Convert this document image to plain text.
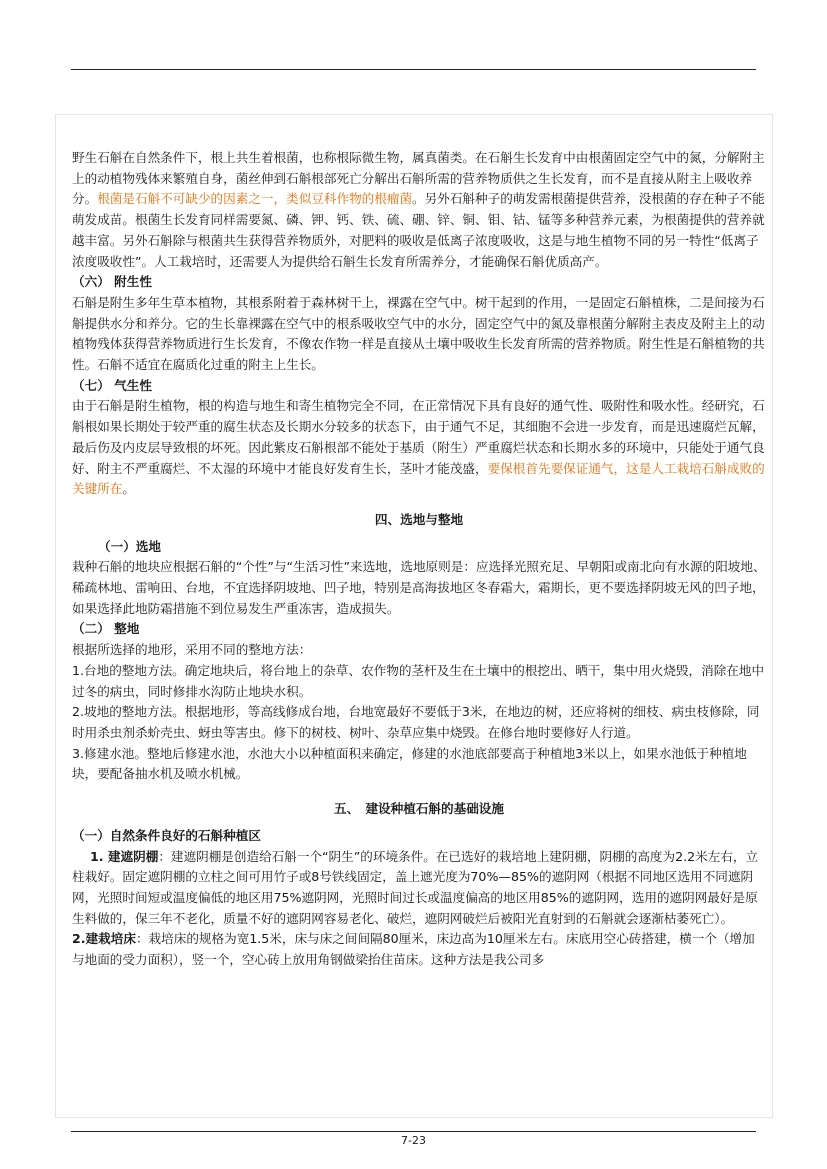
野生石斛在自然条件下，根上共生着根菌，也称根际微生物，属真菌类。在石斛生长发育中由根菌固定空气中的氮，分解附主上的动植物残体来繁殖自身，菌丝伸到石斛根部死亡分解出石斛所需的营养物质供之生长发育，而不是直接从附主上吸收养分。根菌是石斛不可缺少的因素之一，类似豆科作物的根瘤菌。另外石斛种子的萌发需根菌提供营养，没根菌的存在种子不能萌发成苗。根菌生长发育同样需要氮、磷、钾、钙、铁、硫、硼、锌、铜、钼、钴、锰等多种营养元素，为根菌提供的营养就越丰富。另外石斛除与根菌共生获得营养物质外，对肥料的吸收是低离子浓度吸收，这是与地生植物不同的另一特性“低离子浓度吸收性”。人工栽培时，还需要人为提供给石斛生长发育所需养分，才能确保石斛优质高产。

（六） 附生性

石斛是附生多年生草本植物，其根系附着于森林树干上，裸露在空气中。树干起到的作用，一是固定石斛植株，二是间接为石斛提供水分和养分。它的生长靠裸露在空气中的根系吸收空气中的水分，固定空气中的氮及靠根菌分解附主表皮及附主上的动植物残体获得营养物质进行生长发育，不像农作物一样是直接从土壤中吸收生长发育所需的营养物质。附生性是石斛植物的共性。石斛不适宜在腐质化过重的附主上生长。

（七） 气生性

由于石斛是附生植物，根的构造与地生和寄生植物完全不同，在正常情况下具有良好的通气性、吸附性和吸水性。经研究，石斛根如果长期处于较严重的腐生状态及长期水分较多的状态下，由于通气不足，其细胞不会进一步发育，而是迅速腐烂瓦解，最后伤及内皮层导致根的坏死。因此紫皮石斛根部不能处于基质（附生）严重腐烂状态和长期水多的环境中，只能处于通气良好、附主不严重腐烂、不太湿的环境中才能良好发育生长，茎叶才能茂盛，要保根首先要保证通气，这是人工栽培石斛成败的关键所在。

四、选地与整地

（一）选地

栽种石斛的地块应根据石斛的“个性”与“生活习性”来选地，选地原则是：应选择光照充足、早朝阳或南北向有水源的阳坡地、稀疏林地、雷响田、台地，不宜选择阴坡地、凹子地，特别是高海拔地区冬春霜大，霜期长，更不要选择阴坡无风的凹子地，如果选择此地防霜措施不到位易发生严重冻害，造成损失。

（二） 整地

根据所选择的地形，采用不同的整地方法：

1.台地的整地方法。确定地块后，将台地上的杂草、农作物的茎杆及生在土壤中的根挖出、晒干，集中用火烧毁，消除在地中过冬的病虫，同时修排水沟防止地块水积。

2.坡地的整地方法。根据地形，等高线修成台地，台地宽最好不要低于3米，在地边的树，还应将树的细枝、病虫枝修除，同时用杀虫剂杀蚧壳虫、蚜虫等害虫。修下的树枝、树叶、杂草应集中烧毁。在修台地时要修好人行道。

3.修建水池。整地后修建水池，水池大小以种植面积来确定，修建的水池底部要高于种植地3米以上，如果水池低于种植地块，要配备抽水机及喷水机械。

五、　建设种植石斛的基础设施

（一）自然条件良好的石斛种植区

1. 建遮阴棚：建遮阴棚是创造给石斛一个“阴生”的环境条件。在已选好的栽培地上建阴棚，阴棚的高度为2.2米左右，立柱栽好。固定遮阴棚的立柱之间可用竹子或8号铁线固定，盖上遮光度为70%—85%的遮阴网（根据不同地区选用不同遮阴网，光照时间短或温度偏低的地区用75%遮阴网，光照时间过长或温度偏高的地区用85%的遮阴网，选用的遮阴网最好是原生料做的，保三年不老化，质量不好的遮阴网容易老化、破烂，遮阴网破烂后被阳光直射到的石斛就会逐渐枯萎死亡）。

2.建栽培床：栽培床的规格为宽1.5米，床与床之间间隔80厘米，床边高为10厘米左右。床底用空心砖搭建，横一个（增加与地面的受力面积），竖一个，空心砖上放用角钢做梁抬住苗床。这种方法是我公司多

7-23
